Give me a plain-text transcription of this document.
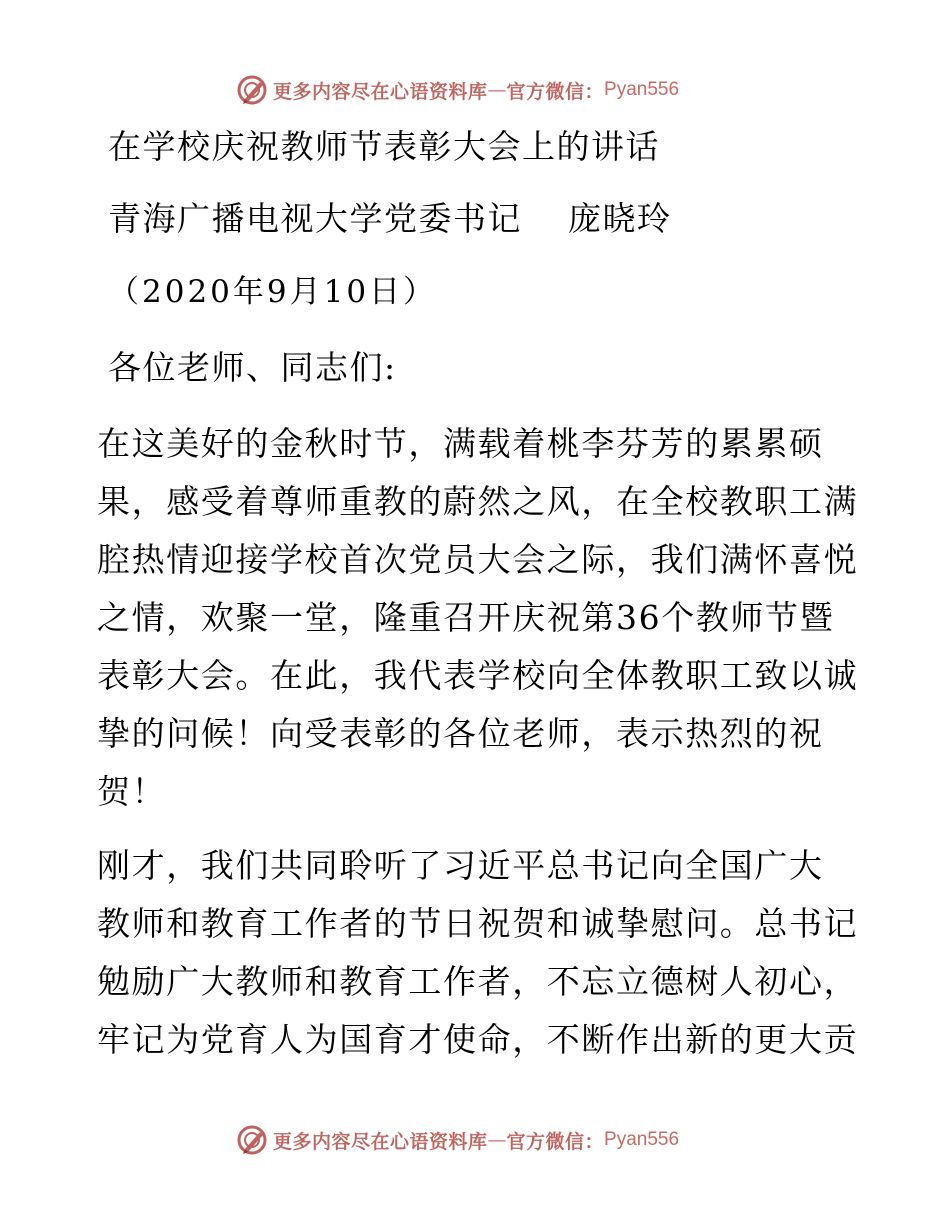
更多内容尽在心语资料库 — 官方微信： Pyan556
在学校庆祝教师节表彰大会上的讲话
青海广播电视大学党委书记 庞晓玲
（2020年9月10日）
各位老师、同志们:
在这美好的金秋时节，满载着桃李芬芳的累累硕
果，感受着尊师重教的蔚然之风，在全校教职工满
腔热情迎接学校首次党员大会之际，我们满怀喜悦
之情，欢聚一堂，隆重召开庆祝第36个教师节暨
表彰大会。在此，我代表学校向全体教职工致以诚
挚的问候！向受表彰的各位老师，表示热烈的祝
贺！
刚才，我们共同聆听了习近平总书记向全国广大
教师和教育工作者的节日祝贺和诚挚慰问。总书记
勉励广大教师和教育工作者，不忘立德树人初心，
牢记为党育人为国育才使命，不断作出新的更大贡
更多内容尽在心语资料库 — 官方微信： Pyan556
